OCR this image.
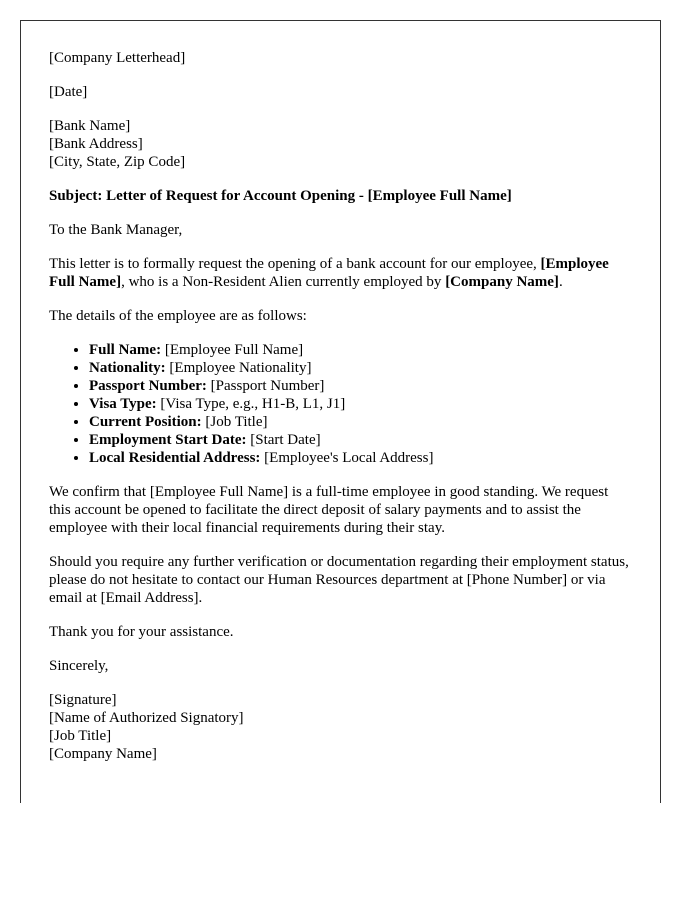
[Company Letterhead]

[Date]

[Bank Name]
[Bank Address]
[City, State, Zip Code]

Subject: Letter of Request for Account Opening - [Employee Full Name]

To the Bank Manager,

This letter is to formally request the opening of a bank account for our employee, [Employee Full Name], who is a Non-Resident Alien currently employed by [Company Name].

The details of the employee are as follows:

• Full Name: [Employee Full Name]
• Nationality: [Employee Nationality]
• Passport Number: [Passport Number]
• Visa Type: [Visa Type, e.g., H1-B, L1, J1]
• Current Position: [Job Title]
• Employment Start Date: [Start Date]
• Local Residential Address: [Employee's Local Address]

We confirm that [Employee Full Name] is a full-time employee in good standing. We request this account be opened to facilitate the direct deposit of salary payments and to assist the employee with their local financial requirements during their stay.

Should you require any further verification or documentation regarding their employment status, please do not hesitate to contact our Human Resources department at [Phone Number] or via email at [Email Address].

Thank you for your assistance.

Sincerely,

[Signature]
[Name of Authorized Signatory]
[Job Title]
[Company Name]
